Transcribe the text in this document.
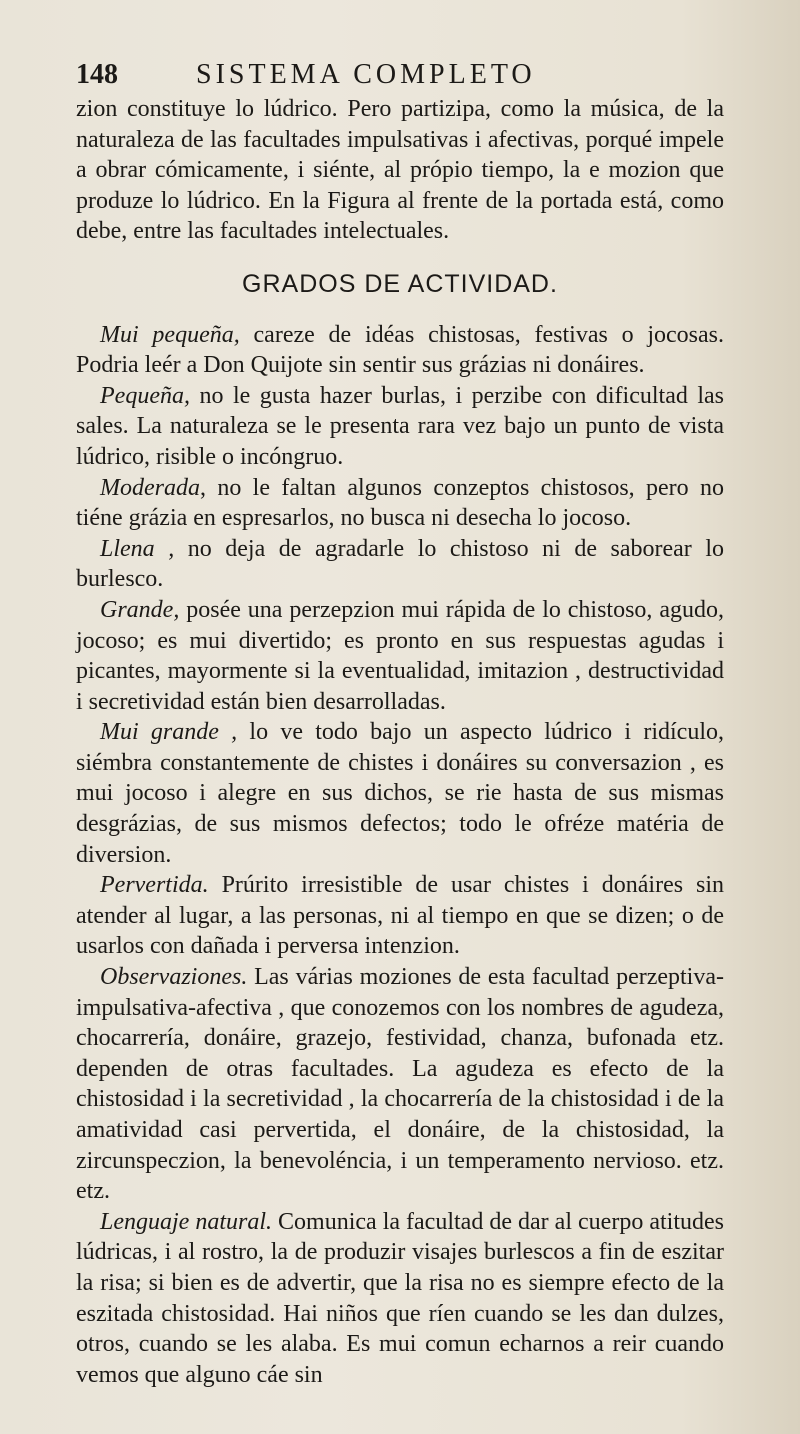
148	SISTEMA COMPLETO

zion constituye lo lúdrico. Pero partizipa, como la música, de la naturaleza de las facultades impulsativas i afectivas, porqué impele a obrar cómicamente, i siénte, al própio tiempo, la e mozion que produze lo lúdrico. En la Figura al frente de la portada está, como debe, entre las facultades intelectuales.

GRADOS DE ACTIVIDAD.

Mui pequeña, careze de idéas chistosas, festivas o jocosas. Podria leér a Don Quijote sin sentir sus grázias ni donáires.

Pequeña, no le gusta hazer burlas, i perzibe con dificultad las sales. La naturaleza se le presenta rara vez bajo un punto de vista lúdrico, risible o incóngruo.

Moderada, no le faltan algunos conzeptos chistosos, pero no tiéne grázia en espresarlos, no busca ni desecha lo jocoso.

Llena , no deja de agradarle lo chistoso ni de saborear lo burlesco.

Grande, posée una perzepzion mui rápida de lo chistoso, agudo, jocoso; es mui divertido; es pronto en sus respuestas agudas i picantes, mayormente si la eventualidad, imitazion , destructividad i secretividad están bien desarrolladas.

Mui grande , lo ve todo bajo un aspecto lúdrico i ridículo, siémbra constantemente de chistes i donáires su conversazion , es mui jocoso i alegre en sus dichos, se rie hasta de sus mismas desgrázias, de sus mismos defectos; todo le ofréze matéria de diversion.

Pervertida. Prúrito irresistible de usar chistes i donáires sin atender al lugar, a las personas, ni al tiempo en que se dizen; o de usarlos con dañada i perversa intenzion.

Observaziones. Las várias moziones de esta facultad perzeptiva-impulsativa-afectiva , que conozemos con los nombres de agudeza, chocarrería, donáire, grazejo, festividad, chanza, bufonada etz. dependen de otras facultades. La agudeza es efecto de la chistosidad i la secretividad , la chocarrería de la chistosidad i de la amatividad casi pervertida, el donáire, de la chistosidad, la zircunspeczion, la benevoléncia, i un temperamento nervioso. etz. etz.

Lenguaje natural. Comunica la facultad de dar al cuerpo atitudes lúdricas, i al rostro, la de produzir visajes burlescos a fin de eszitar la risa; si bien es de advertir, que la risa no es siempre efecto de la eszitada chistosidad. Hai niños que ríen cuando se les dan dulzes, otros, cuando se les alaba. Es mui comun echarnos a reir cuando vemos que alguno cáe sin
